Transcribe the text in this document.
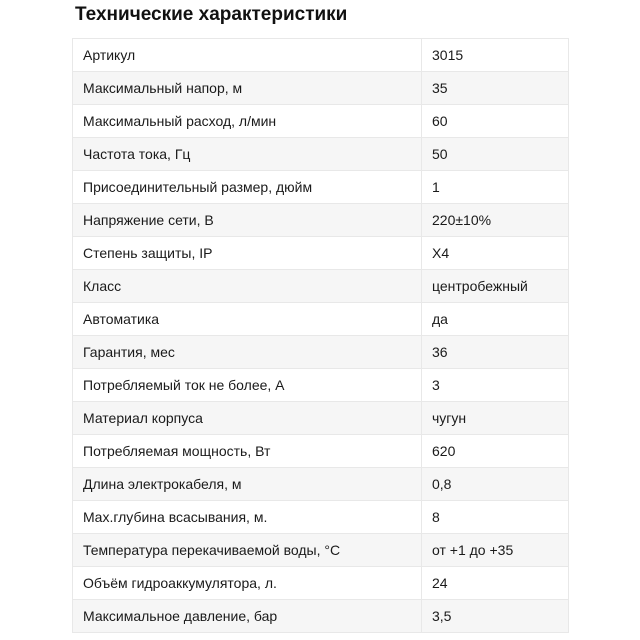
Технические характеристики
Артикул	3015
Максимальный напор, м	35
Максимальный расход, л/мин	60
Частота тока, Гц	50
Присоединительный размер, дюйм	1
Напряжение сети, В	220±10%
Степень защиты, IP	X4
Класс	центробежный
Автоматика	да
Гарантия, мес	36
Потребляемый ток не более, А	3
Материал корпуса	чугун
Потребляемая мощность, Вт	620
Длина электрокабеля, м	0,8
Max.глубина всасывания, м.	8
Температура перекачиваемой воды, °С	от +1 до +35
Объём гидроаккумулятора, л.	24
Максимальное давление, бар	3,5
